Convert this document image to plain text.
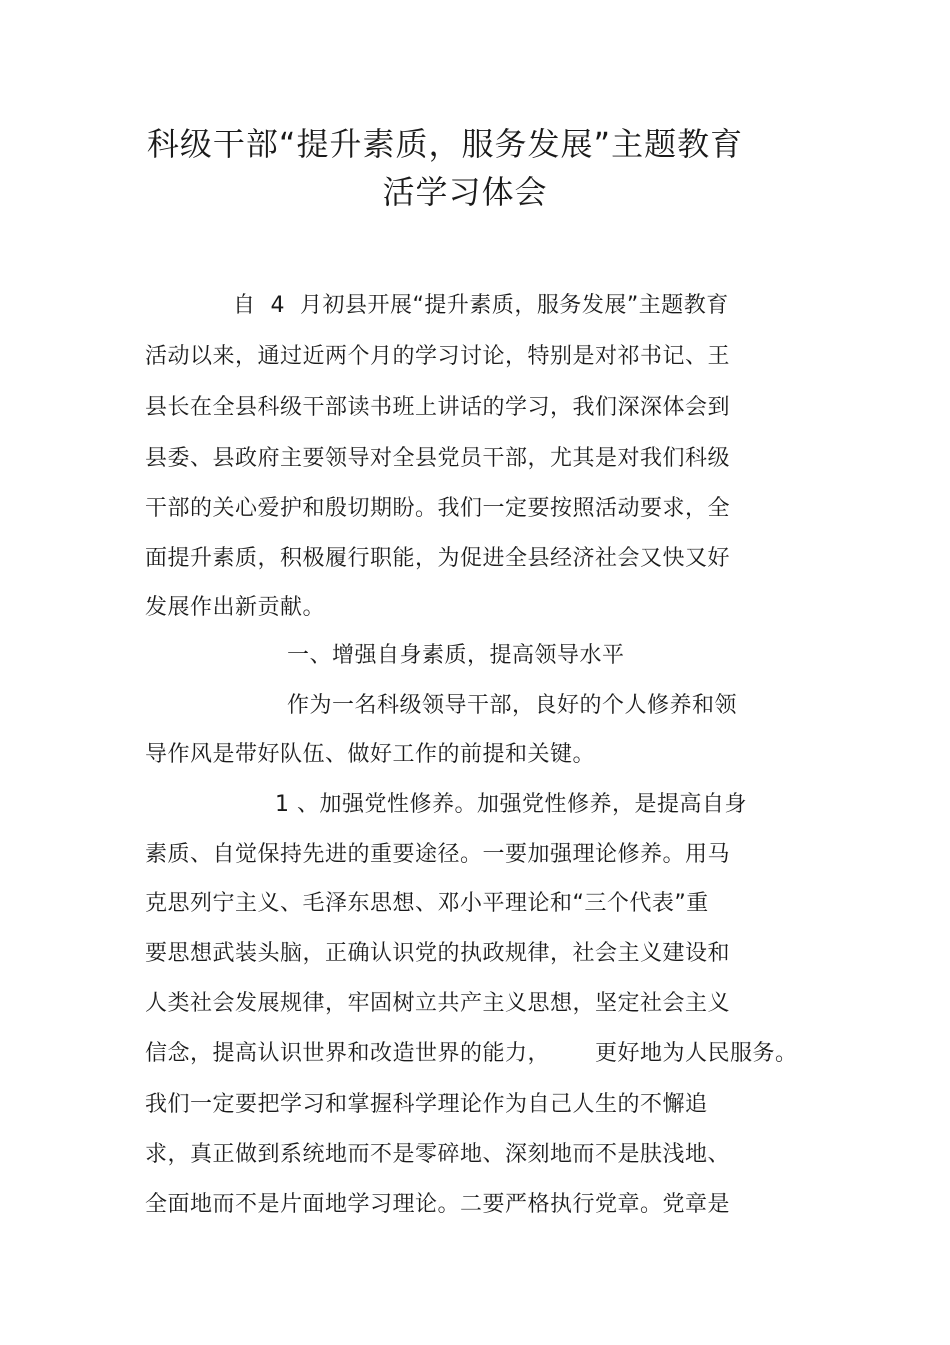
科级干部“提升素质，服务发展”主题教育
活学习体会
自  4  月初县开展“提升素质，服务发展”主题教育
活动以来，通过近两个月的学习讨论，特别是对祁书记、王
县长在全县科级干部读书班上讲话的学习，我们深深体会到
县委、县政府主要领导对全县党员干部，尤其是对我们科级
干部的关心爱护和殷切期盼。我们一定要按照活动要求，全
面提升素质，积极履行职能，为促进全县经济社会又快又好
发展作出新贡献。
一、增强自身素质，提高领导水平
作为一名科级领导干部，良好的个人修养和领
导作风是带好队伍、做好工作的前提和关键。
1 、加强党性修养。加强党性修养，是提高自身
素质、自觉保持先进的重要途径。一要加强理论修养。用马
克思列宁主义、毛泽东思想、邓小平理论和“三个代表”重
要思想武装头脑，正确认识党的执政规律，社会主义建设和
人类社会发展规律，牢固树立共产主义思想，坚定社会主义
信念，提高认识世界和改造世界的能力，      更好地为人民服务。
我们一定要把学习和掌握科学理论作为自己人生的不懈追
求，真正做到系统地而不是零碎地、深刻地而不是肤浅地、
全面地而不是片面地学习理论。二要严格执行党章。党章是
